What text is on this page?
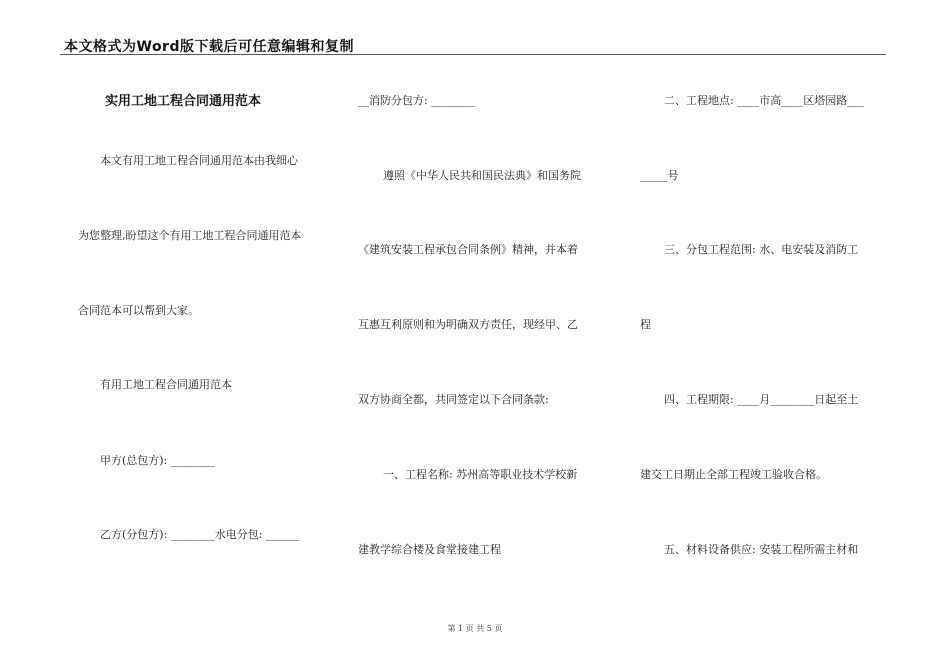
本文格式为Word版下载后可任意编辑和复制
实用工地工程合同通用范本
本文有用工地工程合同通用范本由我细心
为您整理,盼望这个有用工地工程合同通用范本
合同范本可以帮到大家。
有用工地工程合同通用范本
甲方(总包方): ________
乙方(分包方): ________水电分包: ______
__消防分包方: ________
遵照《中华人民共和国民法典》和国务院
《建筑安装工程承包合同条例》精神，并本着
互惠互利原则和为明确双方责任，现经甲、乙
双方协商全都，共同签定以下合同条款:
一、工程名称: 苏州高等职业技术学校新
建教学综合楼及食堂接建工程
二、工程地点: ____市高____区塔园路___
_____号
三、分包工程范围: 水、电安装及消防工
程
四、工程期限: ____月________日起至土
建交工日期止全部工程竣工验收合格。
五、材料设备供应: 安装工程所需主材和
第 1 页 共 5 页
